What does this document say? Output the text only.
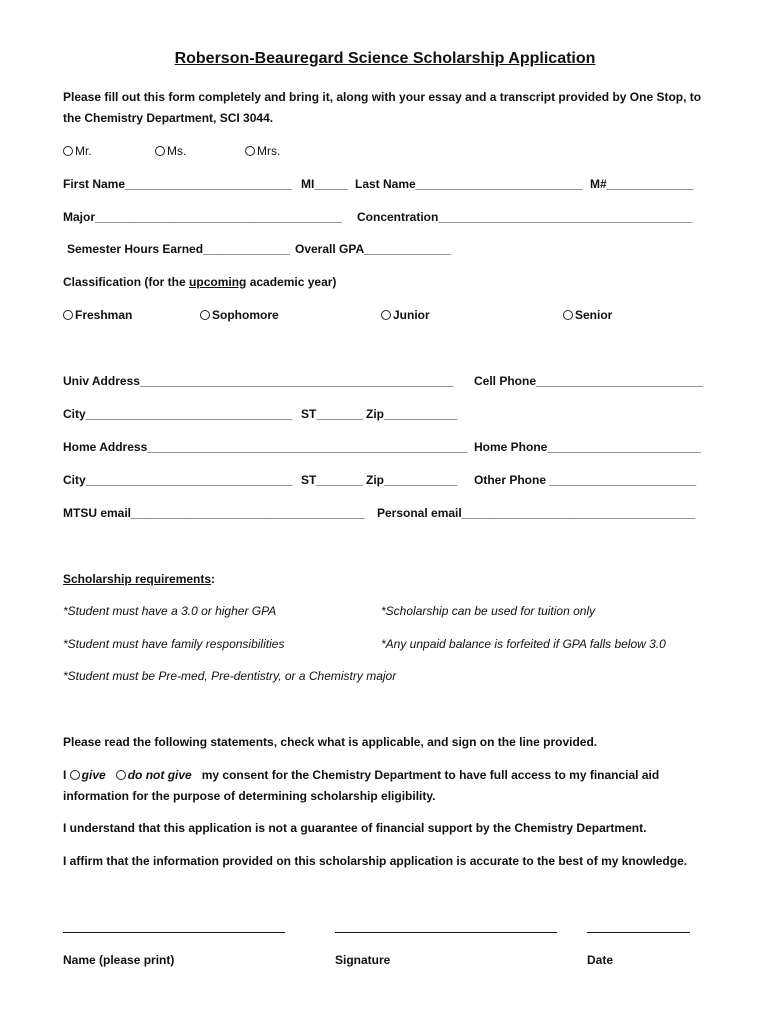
Roberson-Beauregard Science Scholarship Application
Please fill out this form completely and bring it, along with your essay and a transcript provided by One Stop, to
the Chemistry Department, SCI 3044.
Mr.	Ms.	Mrs.
First Name_________________________ MI_____ Last Name_________________________ M#_____________
Major_____________________________________ Concentration______________________________________
Semester Hours Earned_____________ Overall GPA_____________
Classification (for the upcoming academic year)
Freshman	Sophomore	Junior	Senior
Univ Address_______________________________________________ Cell Phone_________________________
City_______________________________ ST_______ Zip___________
Home Address________________________________________________ Home Phone_______________________
City_______________________________ ST_______ Zip___________ Other Phone ______________________
MTSU email___________________________________ Personal email___________________________________
Scholarship requirements:
*Student must have a 3.0 or higher GPA	*Scholarship can be used for tuition only
*Student must have family responsibilities	*Any unpaid balance is forfeited if GPA falls below 3.0
*Student must be Pre-med, Pre-dentistry, or a Chemistry major
Please read the following statements, check what is applicable, and sign on the line provided.
I give do not give my consent for the Chemistry Department to have full access to my financial aid
information for the purpose of determining scholarship eligibility.
I understand that this application is not a guarantee of financial support by the Chemistry Department.
I affirm that the information provided on this scholarship application is accurate to the best of my knowledge.
Name (please print)	Signature	Date
